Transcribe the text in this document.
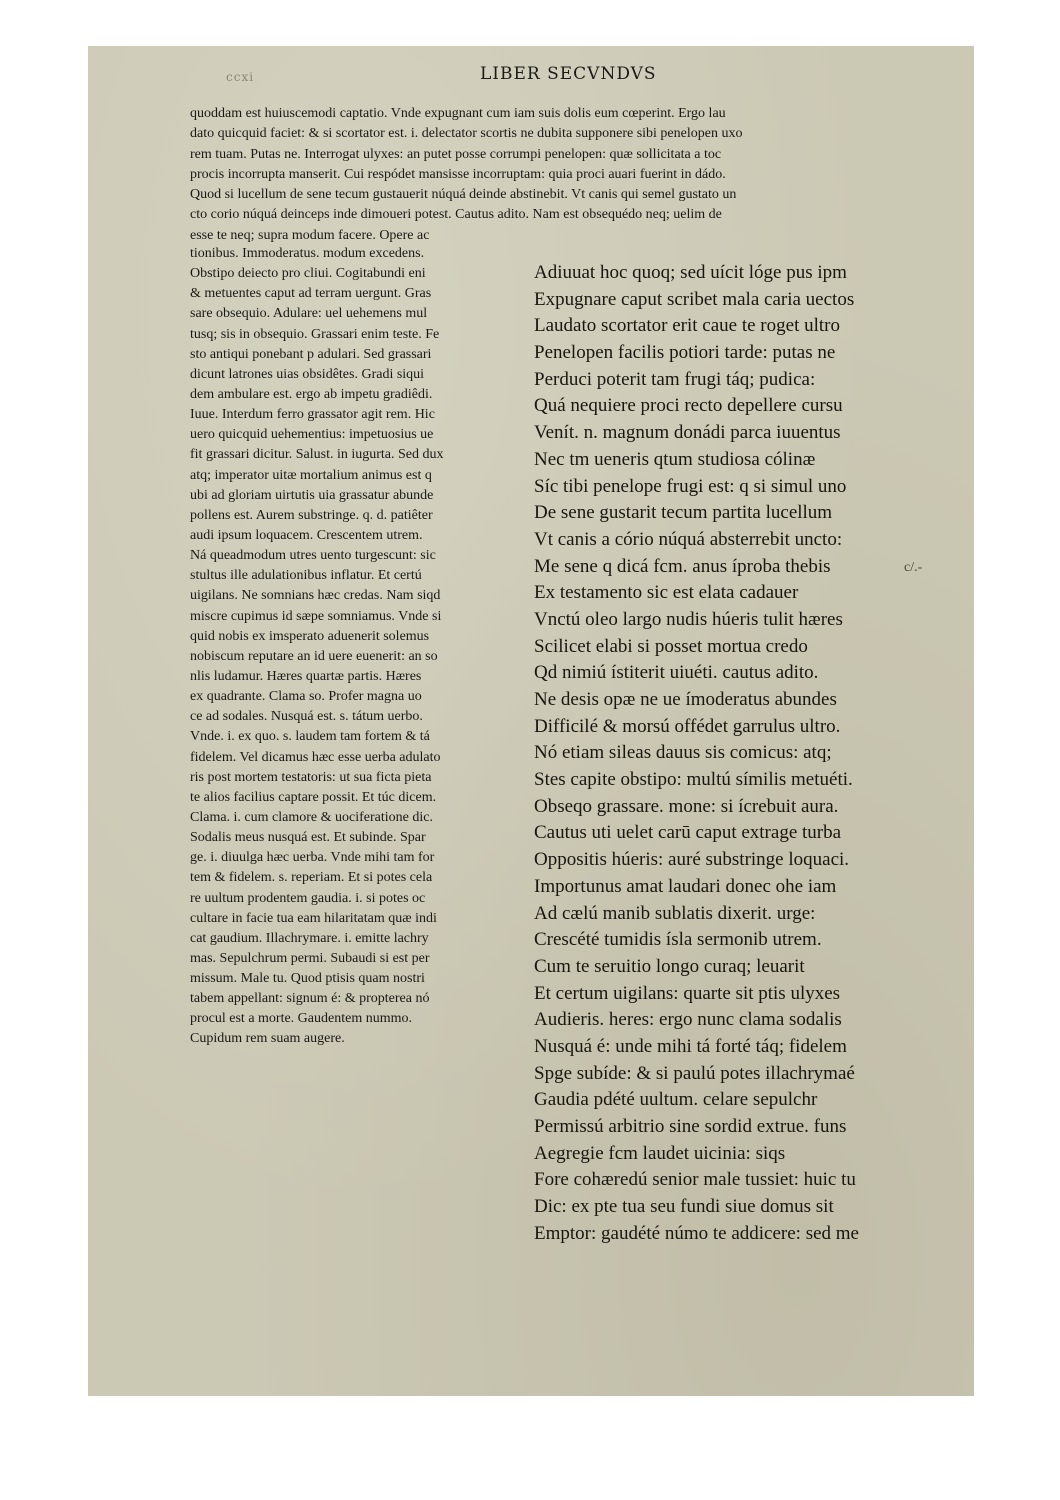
ccxi	LIBER SECVNDVS
quoddam est huiuscemodi captatio. Vnde expugnant cum iam suis dolis eum cœperint. Ergo lau
dato quicquid faciet: & si scortator est. i. delectator scortis ne dubita supponere sibi penelopen uxo
rem tuam. Putas ne. Interrogat ulyxes: an putet posse corrumpi penelopen: quæ sollicitata a toc
procis incorrupta manserit. Cui respódet mansisse incorruptam: quia proci auari fuerint in dádo.
Quod si lucellum de sene tecum gustauerit núquá deinde abstinebit. Vt canis qui semel gustato un
cto corio núquá deinceps inde dimoueri potest. Cautus adito. Nam est obsequédo neq; uelim de
esse te neq; supra modum facere. Opere ac
tionibus. Immoderatus. modum excedens.
Obstipo deiecto pro cliui. Cogitabundi eni
& metuentes caput ad terram uergunt. Gras
sare obsequio. Adulare: uel uehemens mul
tusq; sis in obsequio. Grassari enim teste. Fe
sto antiqui ponebant p adulari. Sed grassari
dicunt latrones uias obsidêtes. Gradi siqui
dem ambulare est. ergo ab impetu gradiêdi.
Iuue. Interdum ferro grassator agit rem. Hic
uero quicquid uehementius: impetuosius ue
fit grassari dicitur. Salust. in iugurta. Sed dux
atq; imperator uitæ mortalium animus est q
ubi ad gloriam uirtutis uia grassatur abunde
pollens est. Aurem substringe. q. d. patiêter
audi ipsum loquacem. Crescentem utrem.
Ná queadmodum utres uento turgescunt: sic
stultus ille adulationibus inflatur. Et certú
uigilans. Ne somnians hæc credas. Nam siqd
miscre cupimus id sæpe somniamus. Vnde si
quid nobis ex imsperato aduenerit solemus
nobiscum reputare an id uere euenerit: an so
nlis ludamur. Hæres quartæ partis. Hæres
ex quadrante. Clama so. Profer magna uo
ce ad sodales. Nusquá est. s. tátum uerbo.
Vnde. i. ex quo. s. laudem tam fortem & tá
fidelem. Vel dicamus hæc esse uerba adulato
ris post mortem testatoris: ut sua ficta pieta
te alios facilius captare possit. Et túc dicem.
Clama. i. cum clamore & uociferatione dic.
Sodalis meus nusquá est. Et subinde. Spar
ge. i. diuulga hæc uerba. Vnde mihi tam for
tem & fidelem. s. reperiam. Et si potes cela
re uultum prodentem gaudia. i. si potes oc
cultare in facie tua eam hilaritatam quæ indi
cat gaudium. Illachrymare. i. emitte lachry
mas. Sepulchrum permi. Subaudi si est per
missum. Male tu. Quod ptisis quam nostri
tabem appellant: signum é: & propterea nó
procul est a morte. Gaudentem nummo.
Cupidum rem suam augere.
Adiuuat hoc quoq; sed uícit lóge pus ipm
Expugnare caput scribet mala caria uectos
Laudato scortator erit caue te roget ultro
Penelopen facilis potiori tarde: putas ne
Perduci poterit tam frugi táq; pudica:
Quá nequiere proci recto depellere cursu
Venít. n. magnum donádi parca iuuentus
Nec tm ueneris qtum studiosa cólinæ
Síc tibi penelope frugi est: q si simul uno
De sene gustarit tecum partita lucellum
Vt canis a cório núquá absterrebit uncto:
Me sene q dicá fcm. anus íproba thebis
Ex testamento sic est elata cadauer
Vnctú oleo largo nudis húeris tulit hæres
Scilicet elabi si posset mortua credo
Qd nimiú ístiterit uiuéti. cautus adito.
Ne desis opæ ne ue ímoderatus abundes
Difficilé & morsú offédet garrulus ultro.
Nó etiam sileas dauus sis comicus: atq;
Stes capite obstipo: multú símilis metuéti.
Obseqo grassare. mone: si ícrebuit aura.
Cautus uti uelet carū caput extrage turba
Oppositis húeris: auré substringe loquaci.
Importunus amat laudari donec ohe iam
Ad cælú manib sublatis dixerit. urge:
Crescété tumidis ísla sermonib utrem.
Cum te seruitio longo curaq; leuarit
Et certum uigilans: quarte sit ptis ulyxes
Audieris. heres: ergo nunc clama sodalis
Nusquá é: unde mihi tá forté táq; fidelem
Spge subíde: & si paulú potes illachrymaé
Gaudia pdété uultum. celare sepulchr
Permissú arbitrio sine sordid extrue. funs
Aegregie fcm laudet uicinia: siqs
Fore cohæredú senior male tussiet: huic tu
Dic: ex pte tua seu fundi siue domus sit
Emptor: gaudété númo te addicere: sed me
c/.-
